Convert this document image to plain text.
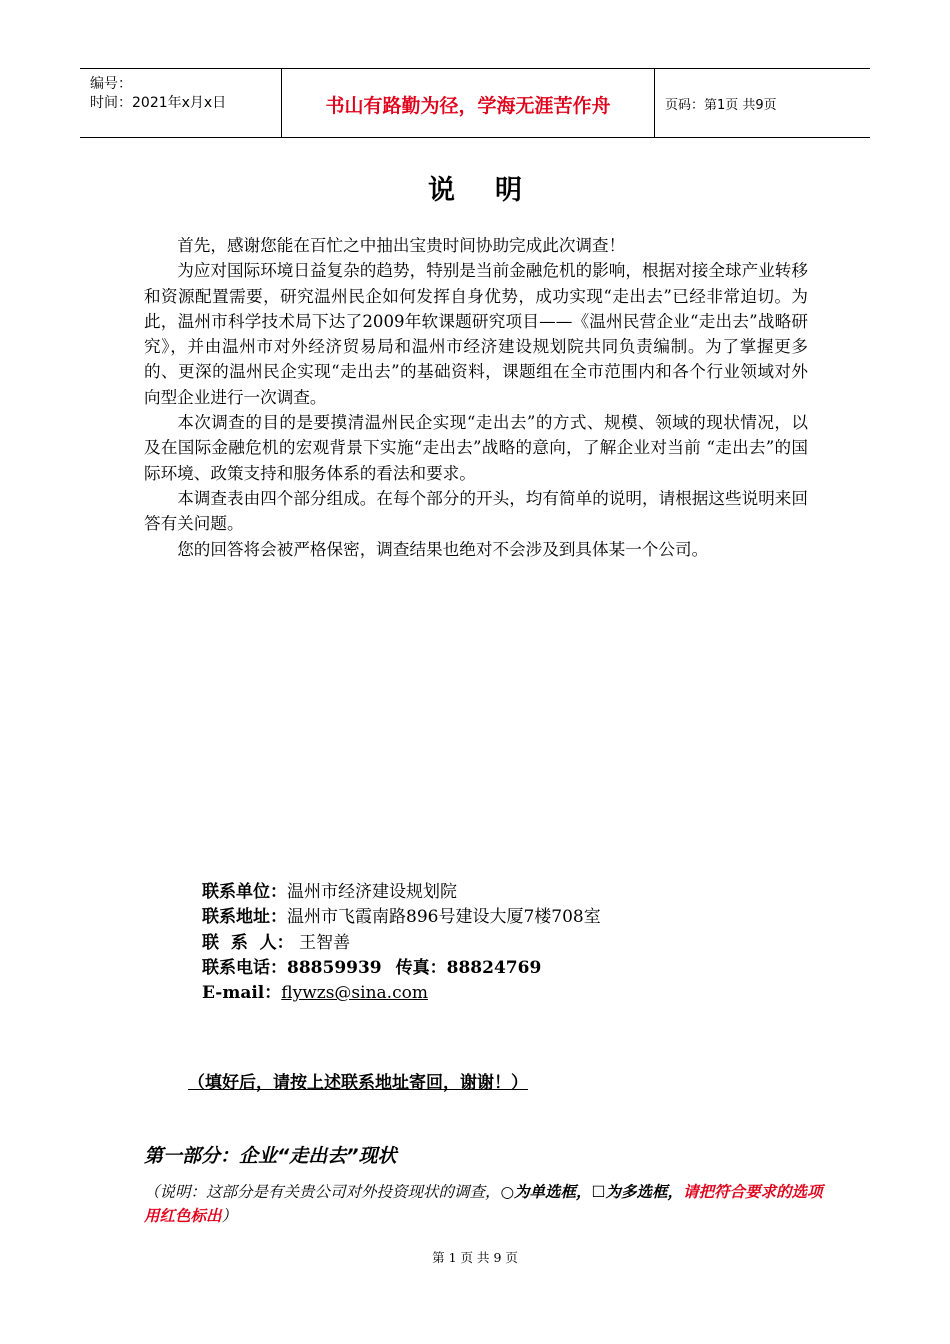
编号：
时间：2021年x月x日	书山有路勤为径，学海无涯苦作舟	页码：第1页 共9页
说明

首先，感谢您能在百忙之中抽出宝贵时间协助完成此次调查！

为应对国际环境日益复杂的趋势，特别是当前金融危机的影响，根据对接全球产业转移和资源配置需要，研究温州民企如何发挥自身优势，成功实现“走出去”已经非常迫切。为此，温州市科学技术局下达了2009年软课题研究项目——《温州民营企业“走出去”战略研究》，并由温州市对外经济贸易局和温州市经济建设规划院共同负责编制。为了掌握更多的、更深的温州民企实现“走出去”的基础资料，课题组在全市范围内和各个行业领域对外向型企业进行一次调查。

本次调查的目的是要摸清温州民企实现“走出去”的方式、规模、领域的现状情况，以及在国际金融危机的宏观背景下实施“走出去”战略的意向，了解企业对当前 “走出去”的国际环境、政策支持和服务体系的看法和要求。

本调查表由四个部分组成。在每个部分的开头，均有简单的说明，请根据这些说明来回答有关问题。

您的回答将会被严格保密，调查结果也绝对不会涉及到具体某一个公司。

联系单位：温州市经济建设规划院
联系地址：温州市飞霞南路896号建设大厦7楼708室
联  系  人： 王智善
联系电话：88859939 传真：88824769
E-mail：flywzs@sina.com
（填好后，请按上述联系地址寄回，谢谢！）
第一部分：企业“走出去”现状
（说明：这部分是有关贵公司对外投资现状的调查，○为单选框，☐为多选框，请把符合要求的选项用红色标出）
第 1 页 共 9 页
